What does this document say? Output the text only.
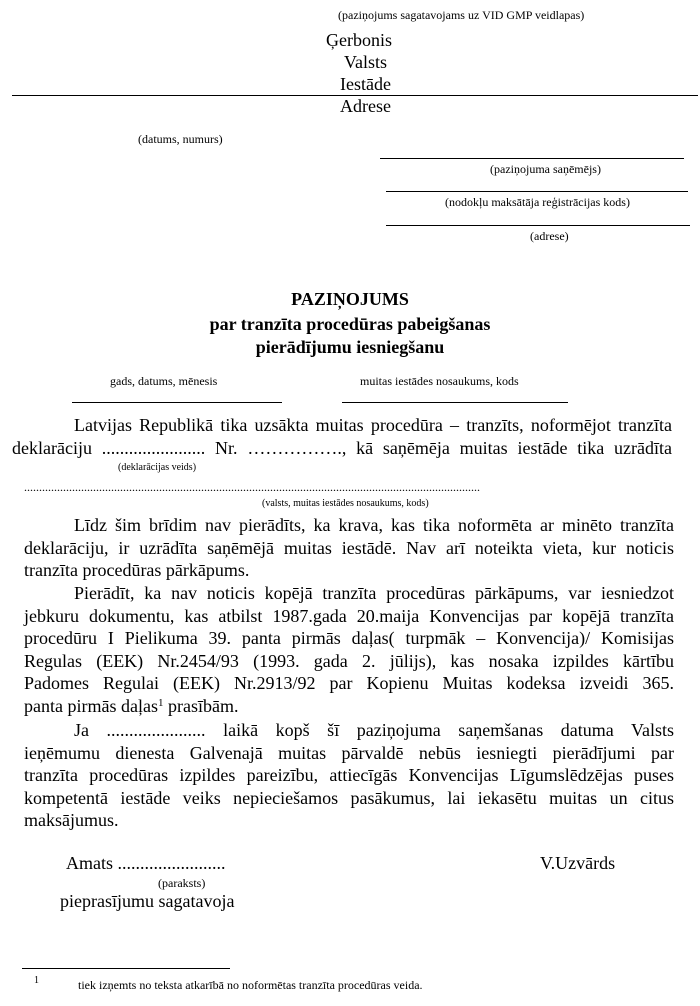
(paziņojums sagatavojams uz VID GMP veidlapas)
Ģerbonis
Valsts
Iestāde
Adrese
(datums, numurs)
(paziņojuma saņēmējs)
(nodokļu maksātāja reģistrācijas kods)
(adrese)
PAZIŅOJUMS
par tranzīta procedūras pabeigšanas
pierādījumu iesniegšanu
gads, datums, mēnesis	muitas iestādes nosaukums, kods
Latvijas Republikā tika uzsākta muitas procedūra – tranzīts, noformējot tranzīta
deklarāciju ....................... Nr. ……………., kā saņēmēja muitas iestāde tika uzrādīta
(deklarācijas veids)
........................................................................................................................................................
(valsts, muitas iestādes nosaukums, kods)
Līdz šim brīdim nav pierādīts, ka krava, kas tika noformēta ar minēto tranzīta
deklarāciju, ir uzrādīta saņēmējā muitas iestādē. Nav arī noteikta vieta, kur noticis
tranzīta procedūras pārkāpums.
Pierādīt, ka nav noticis kopējā tranzīta procedūras pārkāpums, var iesniedzot
jebkuru dokumentu, kas atbilst 1987.gada 20.maija Konvencijas par kopējā tranzīta
procedūru I Pielikuma 39. panta pirmās daļas( turpmāk – Konvencija)/ Komisijas
Regulas (EEK) Nr.2454/93 (1993. gada 2. jūlijs), kas nosaka izpildes kārtību
Padomes Regulai (EEK) Nr.2913/92 par Kopienu Muitas kodeksa izveidi 365.
panta pirmās daļas$^1$ prasībām.
Ja ...................... laikā kopš šī paziņojuma saņemšanas datuma Valsts
ieņēmumu dienesta Galvenajā muitas pārvaldē nebūs iesniegti pierādījumi par
tranzīta procedūras izpildes pareizību, attiecīgās Konvencijas Līgumslēdzējas puses
kompetentā iestāde veiks nepieciešamos pasākumus, lai iekasētu muitas un citus
maksājumus.
Amats ........................	V.Uzvārds
(paraksts)
pieprasījumu sagatavoja
1	tiek izņemts no teksta atkarībā no noformētas tranzīta procedūras veida.
